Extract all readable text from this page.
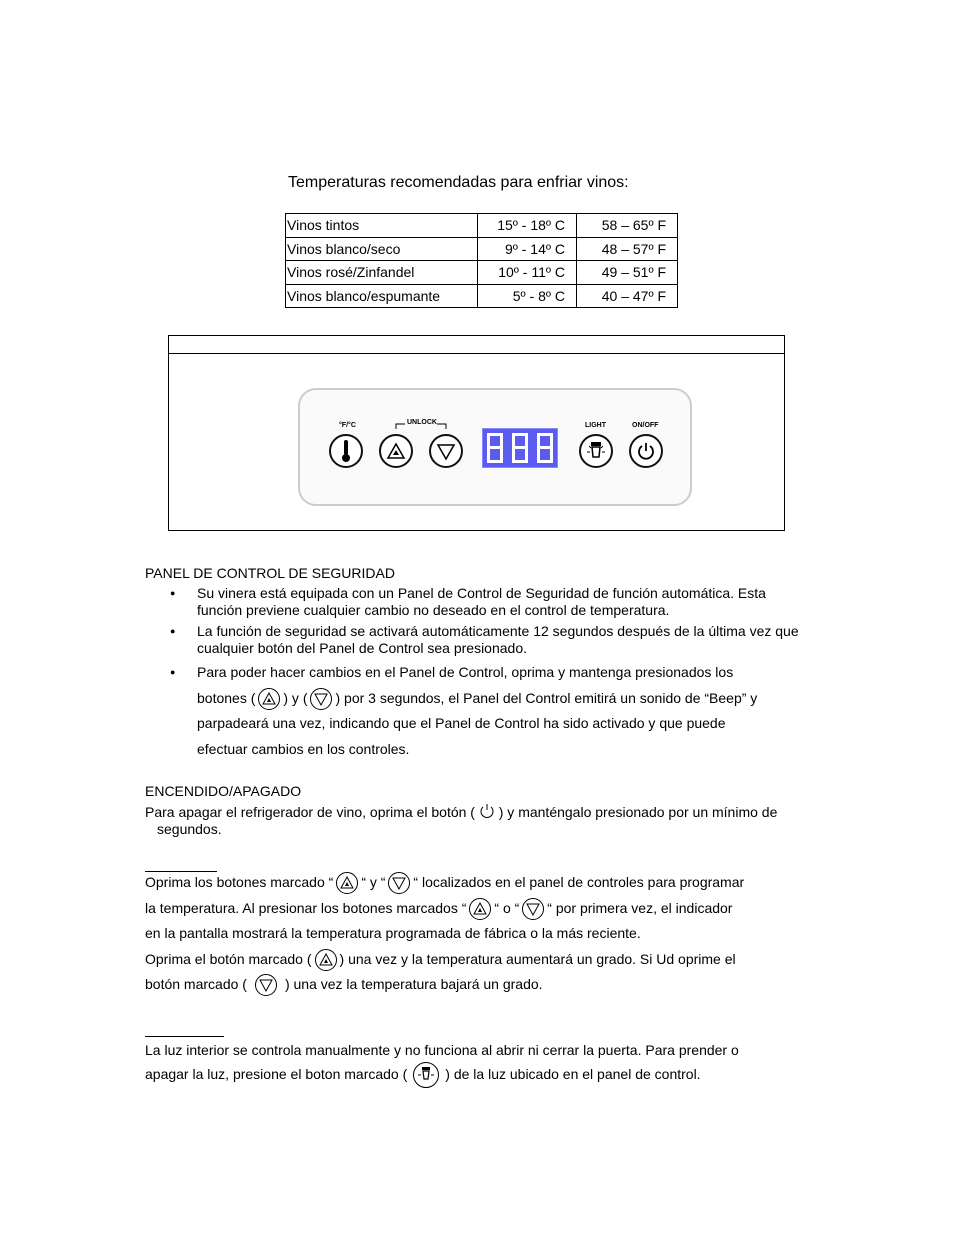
Temperaturas recomendadas para enfriar vinos:
Vinos tintos	15º - 18º C	58 – 65º F
Vinos blanco/seco	9º - 14º C	48 – 57º F
Vinos rosé/Zinfandel	10º - 11º C	49 – 51º F
Vinos blanco/espumante	5º - 8º C	40 – 47º F
°F/°C	UNLOCK	LIGHT	ON/OFF
PANEL DE CONTROL DE SEGURIDAD
● Su vinera está equipada con un Panel de Control de Seguridad de función automática. Esta función previene cualquier cambio no deseado en el control de temperatura.
● La función de seguridad se activará automáticamente 12 segundos después de la última vez que cualquier botón del Panel de Control sea presionado.
● Para poder hacer cambios en el Panel de Control, oprima y mantenga presionados los
botones ( ) y ( ) por 3 segundos, el Panel del Control emitirá un sonido de “Beep” y
parpadeará una vez, indicando que el Panel de Control ha sido activado y que puede
efectuar cambios en los controles.
ENCENDIDO/APAGADO
Para apagar el refrigerador de vino, oprima el botón ( ) y manténgalo presionado por un mínimo de
segundos.
Oprima los botones marcado “ “ y “ “ localizados en el panel de controles para programar
la temperatura. Al presionar los botones marcados “ “ o “ “ por primera vez, el indicador
en la pantalla mostrará la temperatura programada de fábrica o la más reciente.
Oprima el botón marcado ( ) una vez y la temperatura aumentará un grado. Si Ud oprime el
botón marcado (	) una vez la temperatura bajará un grado.
La luz interior se controla manualmente y no funciona al abrir ni cerrar la puerta. Para prender o
apagar la luz, presione el boton marcado (	) de la luz ubicado en el panel de control.
